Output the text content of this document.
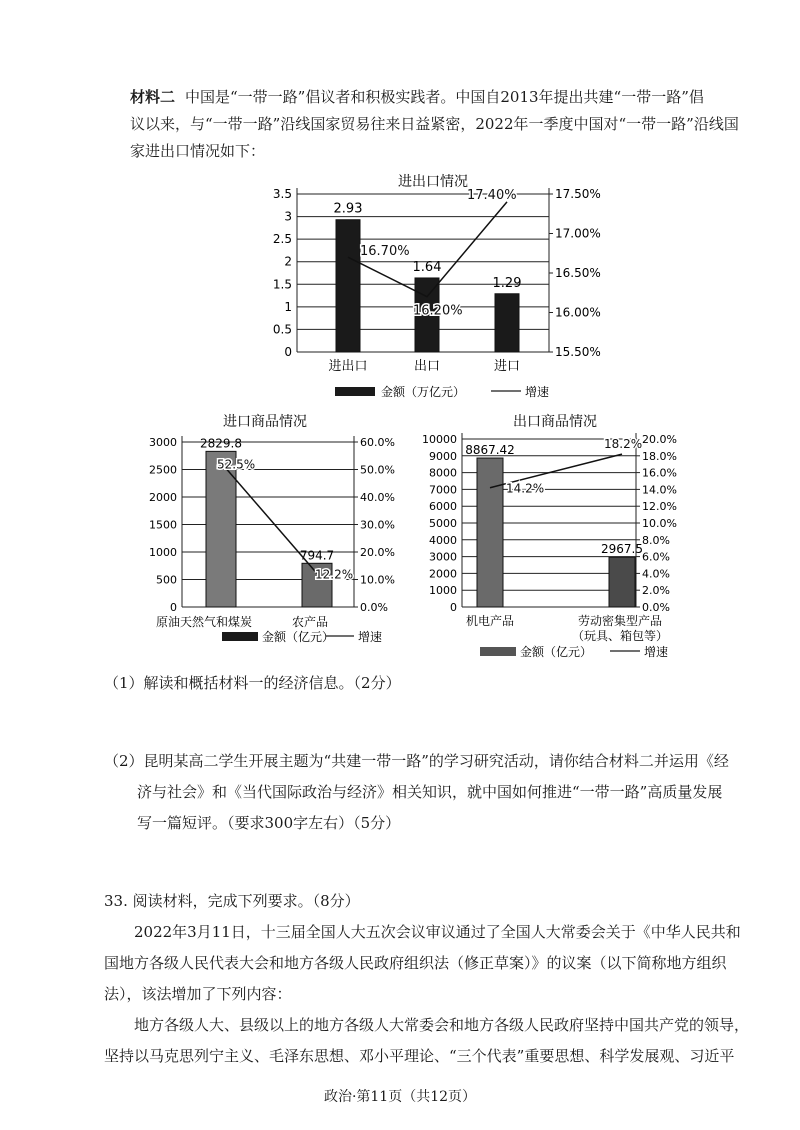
材料二 中国是“一带一路”倡议者和积极实践者。中国自2013年提出共建“一带一路”倡
议以来，与“一带一路”沿线国家贸易往来日益紧密，2022年一季度中国对“一带一路”沿线国
家进出口情况如下：
进出口情况
0
0.5
1
1.5
2
2.5
3
3.5
15.50%
16.00%
16.50%
17.00%
17.50%
2.93
1.64
1.29
16.70%
16.20%
17.40%
进出口	出口	进口
金额（万亿元）	增速
进口商品情况
0
500
1000
1500
2000
2500
3000
0.0%
10.0%
20.0%
30.0%
40.0%
50.0%
60.0%
2829.8
794.7
52.5%
12.2%
原油天然气和煤炭	农产品
金额（亿元） 增速
出口商品情况
0
1000
2000
3000
4000
5000
6000
7000
8000
9000
10000
0.0%
2.0%
4.0%
6.0%
8.0%
10.0%
12.0%
14.0%
16.0%
18.0%
20.0%
8867.42
2967.5
14.2%
18.2%
机电产品	劳动密集型产品
（玩具、箱包等）
金额（亿元）	增速
（1）解读和概括材料一的经济信息。（2分）
（2）昆明某高二学生开展主题为“共建一带一路”的学习研究活动，请你结合材料二并运用《经
济与社会》和《当代国际政治与经济》相关知识，就中国如何推进“一带一路”高质量发展
写一篇短评。（要求300字左右）（5分）
33. 阅读材料，完成下列要求。（8分）
2022年3月11日，十三届全国人大五次会议审议通过了全国人大常委会关于《中华人民共和
国地方各级人民代表大会和地方各级人民政府组织法（修正草案）》的议案（以下简称地方组织
法），该法增加了下列内容：
地方各级人大、县级以上的地方各级人大常委会和地方各级人民政府坚持中国共产党的领导，
坚持以马克思列宁主义、毛泽东思想、邓小平理论、“三个代表”重要思想、科学发展观、习近平
政治·第11页（共12页）
